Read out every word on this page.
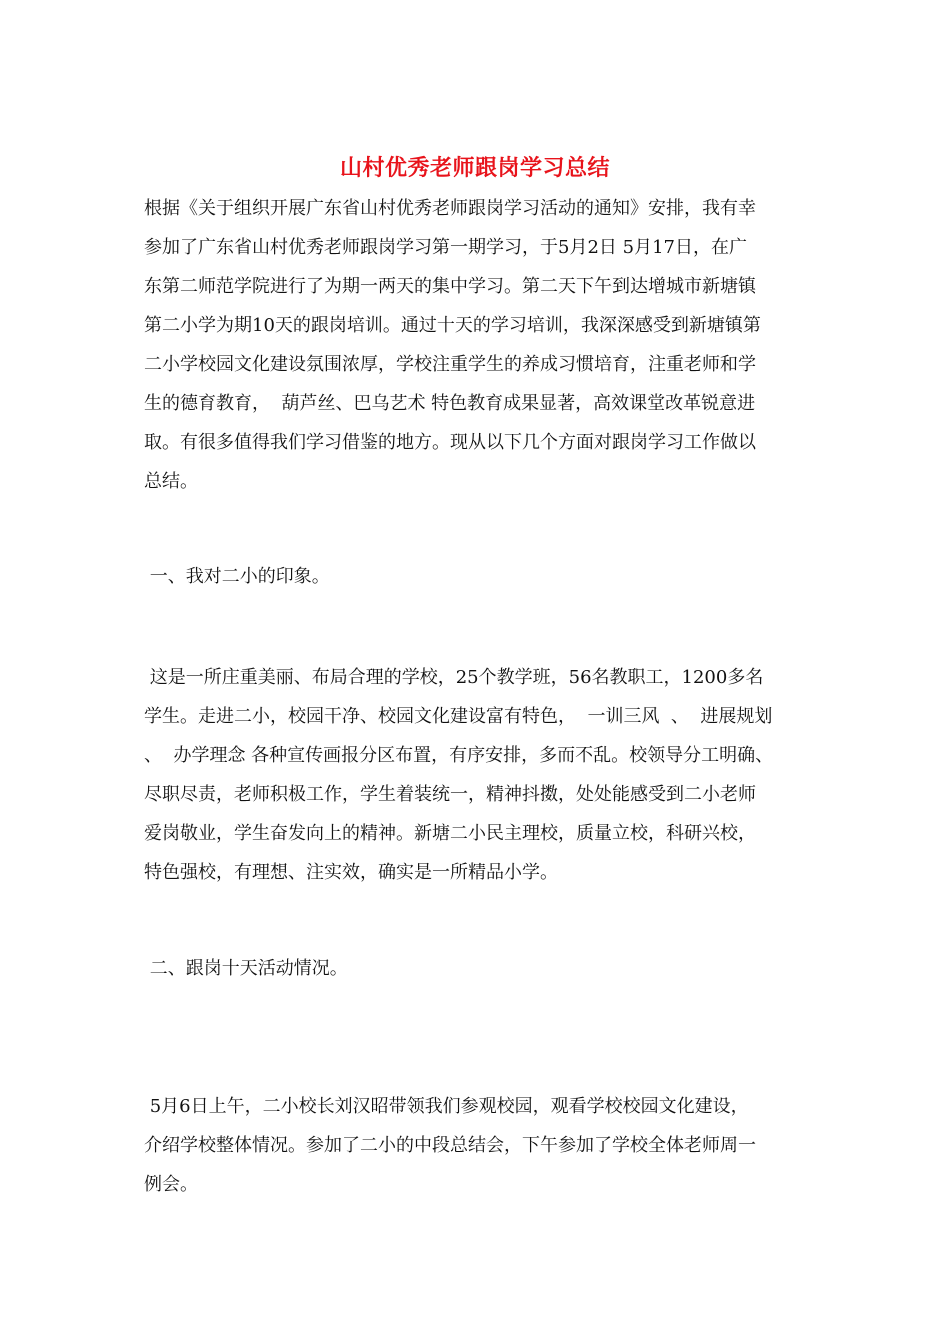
山村优秀老师跟岗学习总结
根据《关于组织开展广东省山村优秀老师跟岗学习活动的通知》安排，我有幸
参加了广东省山村优秀老师跟岗学习第一期学习，于5月2日 5月17日，在广
东第二师范学院进行了为期一两天的集中学习。第二天下午到达增城市新塘镇
第二小学为期10天的跟岗培训。通过十天的学习培训，我深深感受到新塘镇第
二小学校园文化建设氛围浓厚，学校注重学生的养成习惯培育，注重老师和学
生的德育教育，  葫芦丝、巴乌艺术 特色教育成果显著，高效课堂改革锐意进
取。有很多值得我们学习借鉴的地方。现从以下几个方面对跟岗学习工作做以
总结。
一、我对二小的印象。
这是一所庄重美丽、布局合理的学校，25个教学班，56名教职工，1200多名
学生。走进二小，校园干净、校园文化建设富有特色，  一训三风  、  进展规划
、  办学理念 各种宣传画报分区布置，有序安排，多而不乱。校领导分工明确、
尽职尽责，老师积极工作，学生着装统一，精神抖擞，处处能感受到二小老师
爱岗敬业，学生奋发向上的精神。新塘二小民主理校，质量立校，科研兴校，
特色强校，有理想、注实效，确实是一所精品小学。
二、跟岗十天活动情况。
5月6日上午，二小校长刘汉昭带领我们参观校园，观看学校校园文化建设，
介绍学校整体情况。参加了二小的中段总结会，下午参加了学校全体老师周一
例会。
